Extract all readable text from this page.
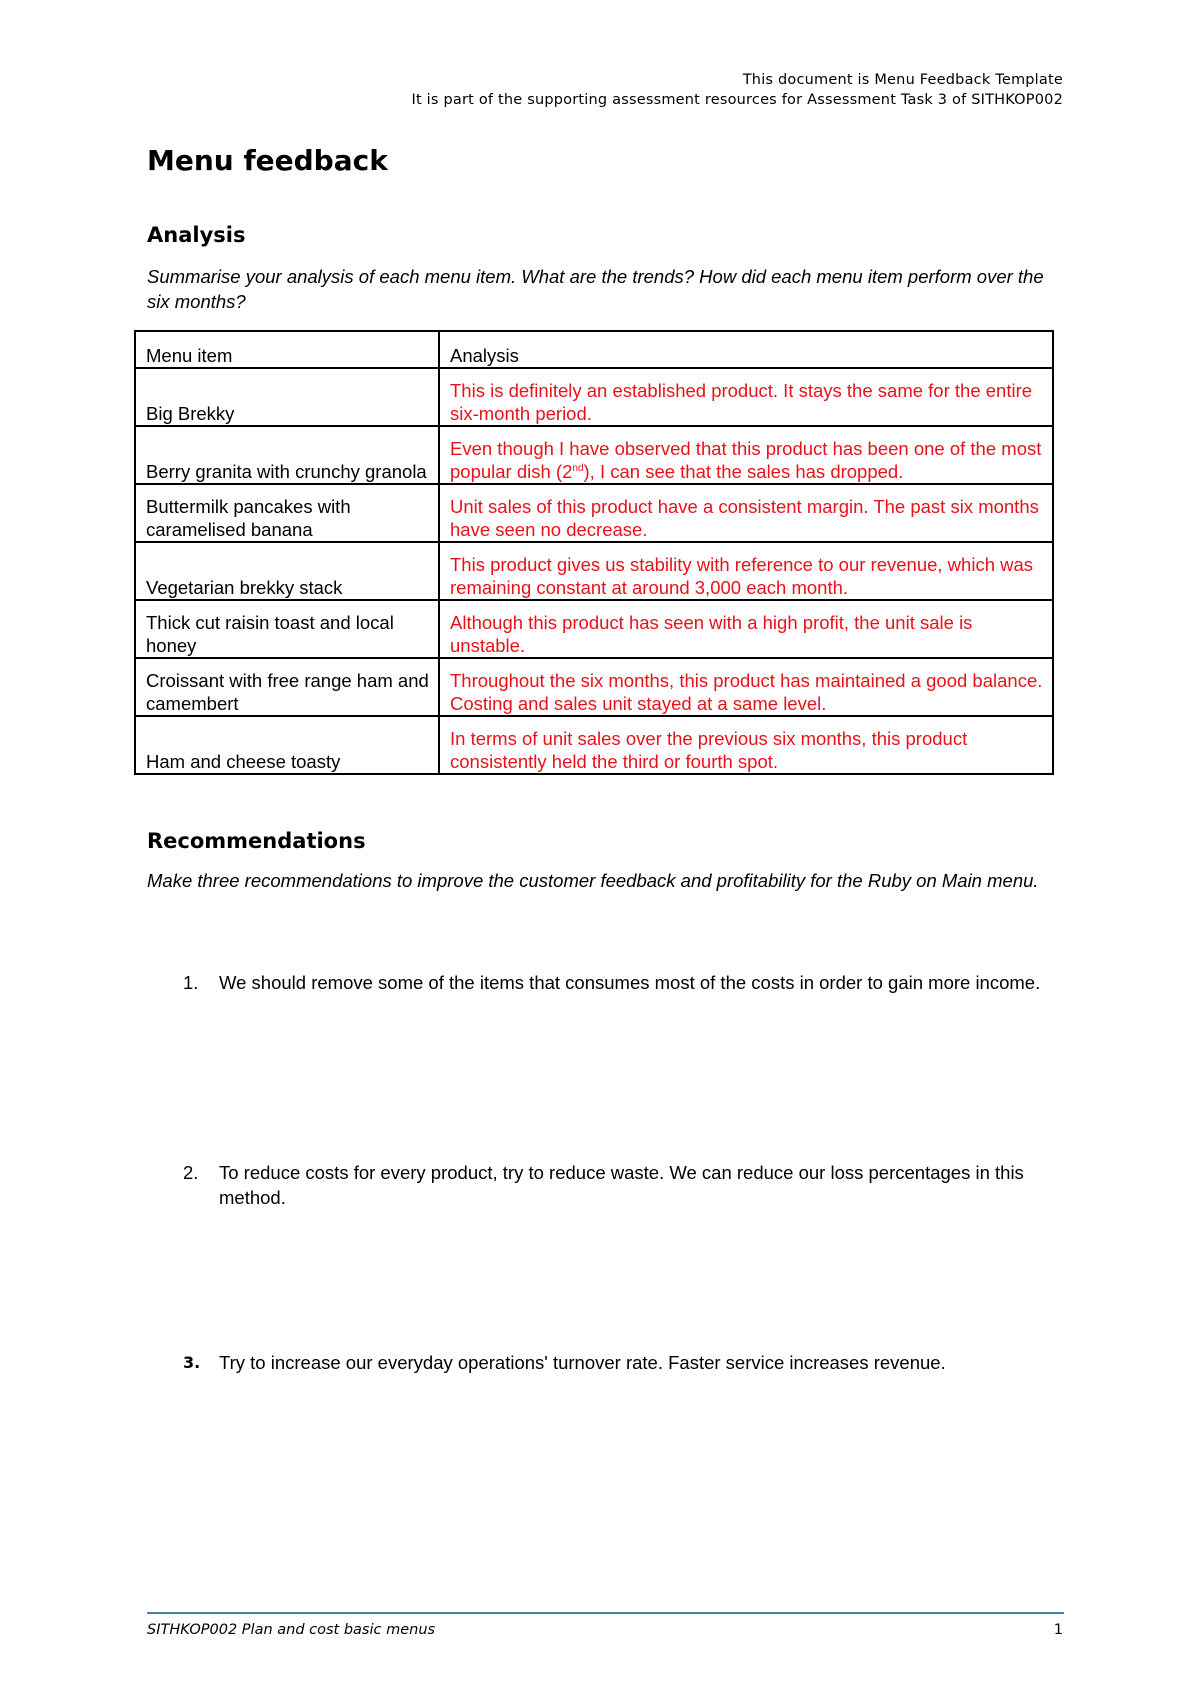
This document is Menu Feedback Template
It is part of the supporting assessment resources for Assessment Task 3 of SITHKOP002
Menu feedback
Analysis

Summarise your analysis of each menu item. What are the trends? How did each menu item perform over the six months?

Menu item	Analysis
Big Brekky	This is definitely an established product. It stays the same for the entire six-month period.
Berry granita with crunchy granola	Even though I have observed that this product has been one of the most popular dish (2nd), I can see that the sales has dropped.
Buttermilk pancakes with caramelised banana	Unit sales of this product have a consistent margin. The past six months have seen no decrease.
Vegetarian brekky stack	This product gives us stability with reference to our revenue, which was remaining constant at around 3,000 each month.
Thick cut raisin toast and local honey	Although this product has seen with a high profit, the unit sale is unstable.
Croissant with free range ham and camembert	Throughout the six months, this product has maintained a good balance. Costing and sales unit stayed at a same level.
Ham and cheese toasty	In terms of unit sales over the previous six months, this product consistently held the third or fourth spot.
Recommendations

Make three recommendations to improve the customer feedback and profitability for the Ruby on Main menu.

1.	We should remove some of the items that consumes most of the costs in order to gain more income.
2.	To reduce costs for every product, try to reduce waste. We can reduce our loss percentages in this method.
3.	Try to increase our everyday operations' turnover rate. Faster service increases revenue.
SITHKOP002 Plan and cost basic menus	1
